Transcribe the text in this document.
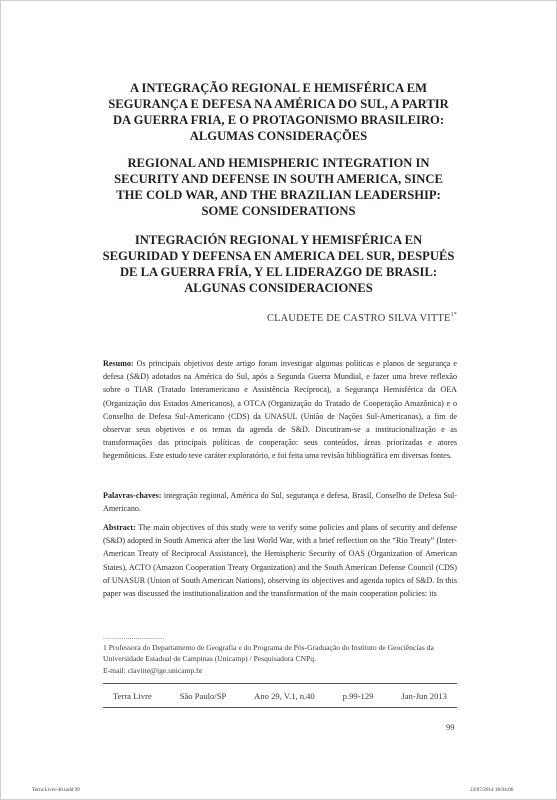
A INTEGRAÇÃO REGIONAL E HEMISFÉRICA EM SEGURANÇA E DEFESA NA AMÉRICA DO SUL, A PARTIR DA GUERRA FRIA, E O PROTAGONISMO BRASILEIRO: ALGUMAS CONSIDERAÇÕES
REGIONAL AND HEMISPHERIC INTEGRATION IN SECURITY AND DEFENSE IN SOUTH AMERICA, SINCE THE COLD WAR, AND THE BRAZILIAN LEADERSHIP: SOME CONSIDERATIONS
INTEGRACIÓN REGIONAL Y HEMISFÉRICA EN SEGURIDAD Y DEFENSA EN AMERICA DEL SUR, DESPUÉS DE LA GUERRA FRÍA, Y EL LIDERAZGO DE BRASIL: ALGUNAS CONSIDERACIONES
CLAUDETE DE CASTRO SILVA $VITTE^{1*}$
Resumo: Os principais objetivos deste artigo foram investigar algumas políticas e planos de segurança e defesa (S&D) adotados na América do Sul, após a Segunda Guerra Mundial, e fazer uma breve reflexão sobre o TIAR (Tratado Interamericano e Assistência Recíproca), a Segurança Hemisférica da OEA (Organização dos Estados Americanos), a OTCA (Organização do Tratado de Cooperação Amazônica) e o Conselho de Defesa Sul-Americano (CDS) da UNASUL (União de Nações Sul-Americanas), a fim de observar seus objetivos e os temas da agenda de S&D. Discutiram-se a institucionalização e as transformações das principais políticas de cooperação: seus conteúdos, áreas priorizadas e atores hegemônicos. Este estudo teve caráter exploratório, e foi feita uma revisão bibliográfica em diversas fontes.
Palavras-chaves: integração regional, América do Sul, segurança e defesa, Brasil, Conselho de Defesa Sul-Americano.
Abstract: The main objectives of this study were to verify some policies and plans of security and defense (S&D) adopted in South America after the last World War, with a brief reflection on the “Rio Treaty” (Inter-American Treaty of Reciprocal Assistance), the Hemispheric Security of OAS (Organization of American States), ACTO (Amazon Cooperation Treaty Organization) and the South American Defense Council (CDS) of UNASUR (Union of South American Nations), observing its objectives and agenda topics of S&D. In this paper was discussed the institutionalization and the transformation of the main cooperation policies: its
..............................
1 Professora do Departamento de Geografia e do Programa de Pós-Graduação do Instituto de Geociências da Universidade Estadual de Campinas (Unicamp) / Pesquisadora CNPq.
E-mail: clavitte@ige.unicamp.br
Terra Livre	São Paulo/SP	Ano 29, V.1, n.40	p.99-129	Jan-Jun 2013
99
Terra-Livre-40.indd 99	23/07/2014 18:04:06
